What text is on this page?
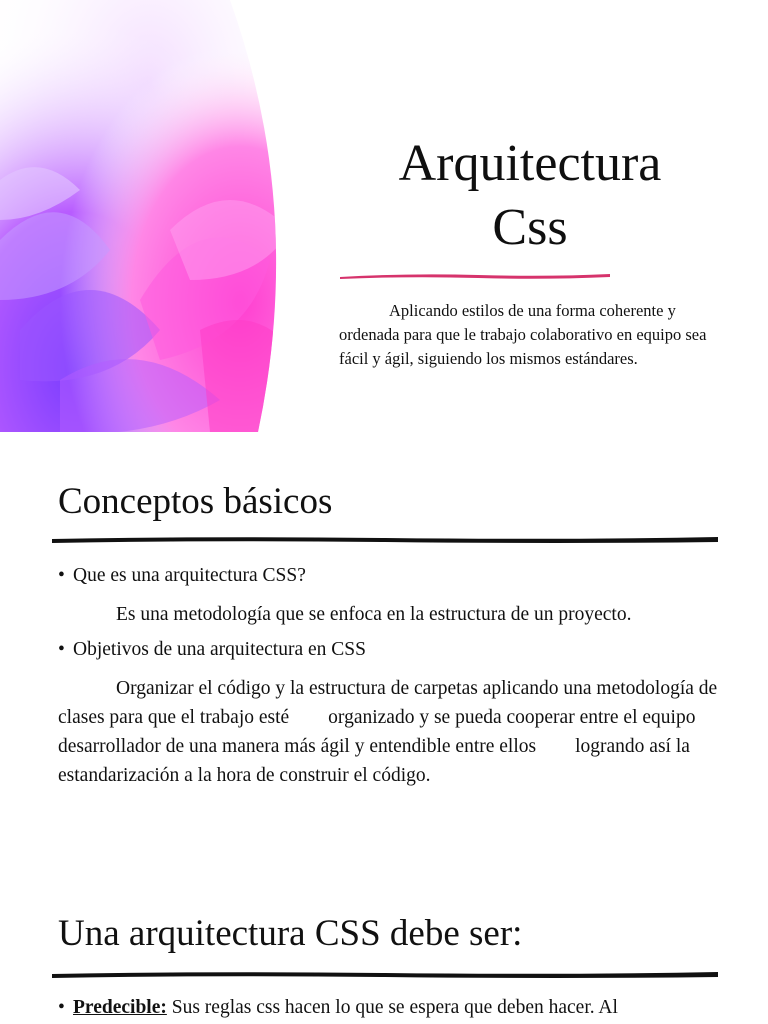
Arquitectura
Css

Aplicando estilos de una forma coherente y ordenada para que le trabajo colaborativo en equipo sea fácil y ágil, siguiendo los mismos estándares.

Conceptos básicos

• Que es una arquitectura CSS?

Es una metodología que se enfoca en la estructura de un proyecto.

• Objetivos de una arquitectura en CSS

Organizar el código y la estructura de carpetas aplicando una metodología de clases para que el trabajo esté        organizado y se pueda cooperar entre el equipo desarrollador de una manera más ágil y entendible entre ellos        logrando así la estandarización a la hora de construir el código.

Una arquitectura CSS debe ser:

• Predecible: Sus reglas css hacen lo que se espera que deben hacer. Al
